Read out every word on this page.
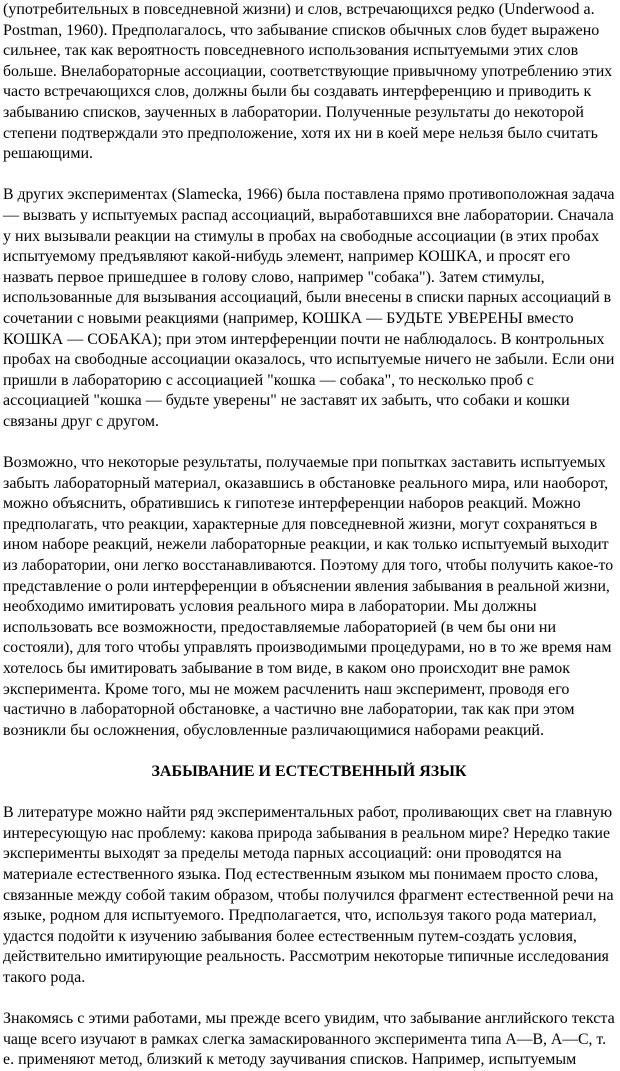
(употребительных в повседневной жизни) и слов, встречающихся редко (Underwood a.
Postman, 1960). Предполагалось, что забывание списков обычных слов будет выражено
сильнее, так как вероятность повседневного использования испытуемыми этих слов
больше. Внелабораторные ассоциации, соответствующие привычному употреблению этих
часто встречающихся слов, должны были бы создавать интерференцию и приводить к
забыванию списков, заученных в лаборатории. Полученные результаты до некоторой
степени подтверждали это предположение, хотя их ни в коей мере нельзя было считать
решающими.
В других экспериментах (Slamecka, 1966) была поставлена прямо противоположная задача
— вызвать у испытуемых распад ассоциаций, выработавшихся вне лаборатории. Сначала
у них вызывали реакции на стимулы в пробах на свободные ассоциации (в этих пробах
испытуемому предъявляют какой-нибудь элемент, например КОШКА, и просят его
назвать первое пришедшее в голову слово, например "собака"). Затем стимулы,
использованные для вызывания ассоциаций, были внесены в списки парных ассоциаций в
сочетании с новыми реакциями (например, КОШКА — БУДЬТЕ УВЕРЕНЫ вместо
КОШКА — СОБАКА); при этом интерференции почти не наблюдалось. В контрольных
пробах на свободные ассоциации оказалось, что испытуемые ничего не забыли. Если они
пришли в лабораторию с ассоциацией "кошка — собака", то несколько проб с
ассоциацией "кошка — будьте уверены" не заставят их забыть, что собаки и кошки
связаны друг с другом.
Возможно, что некоторые результаты, получаемые при попытках заставить испытуемых
забыть лабораторный материал, оказавшись в обстановке реального мира, или наоборот,
можно объяснить, обратившись к гипотезе интерференции наборов реакций. Можно
предполагать, что реакции, характерные для повседневной жизни, могут сохраняться в
ином наборе реакций, нежели лабораторные реакции, и как только испытуемый выходит
из лаборатории, они легко восстанавливаются. Поэтому для того, чтобы получить какое-то
представление о роли интерференции в объяснении явления забывания в реальной жизни,
необходимо имитировать условия реального мира в лаборатории. Мы должны
использовать все возможности, предоставляемые лабораторией (в чем бы они ни
состояли), для того чтобы управлять производимыми процедурами, но в то же время нам
хотелось бы имитировать забывание в том виде, в каком оно происходит вне рамок
эксперимента. Кроме того, мы не можем расчленить наш эксперимент, проводя его
частично в лабораторной обстановке, а частично вне лаборатории, так как при этом
возникли бы осложнения, обусловленные различающимися наборами реакций.
ЗАБЫВАНИЕ И ЕСТЕСТВЕННЫЙ ЯЗЫК
В литературе можно найти ряд экспериментальных работ, проливающих свет на главную
интересующую нас проблему: какова природа забывания в реальном мире? Нередко такие
эксперименты выходят за пределы метода парных ассоциаций: они проводятся на
материале естественного языка. Под естественным языком мы понимаем просто слова,
связанные между собой таким образом, чтобы получился фрагмент естественной речи на
языке, родном для испытуемого. Предполагается, что, используя такого рода материал,
удастся подойти к изучению забывания более естественным путем-создать условия,
действительно имитирующие реальность. Рассмотрим некоторые типичные исследования
такого рода.
Знакомясь с этими работами, мы прежде всего увидим, что забывание английского текста
чаще всего изучают в рамках слегка замаскированного эксперимента типа А—В, А—С, т.
е. применяют метод, близкий к методу заучивания списков. Например, испытуемым
